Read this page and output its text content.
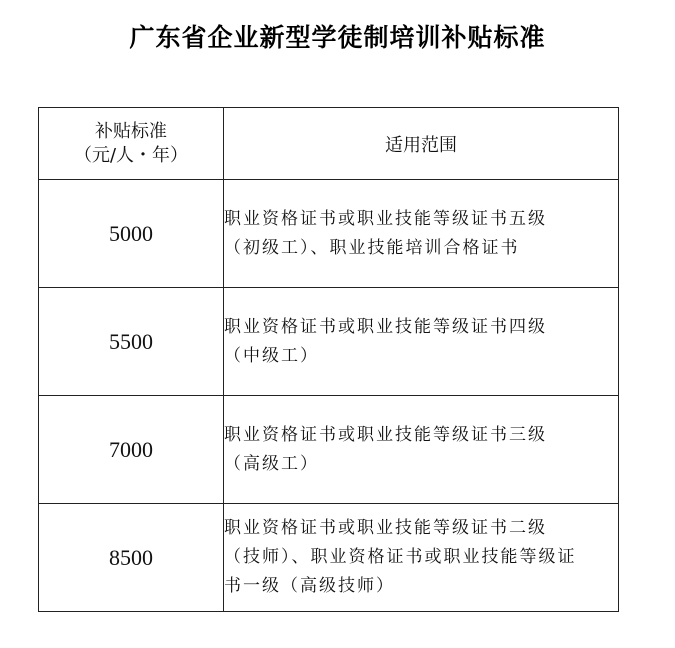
广东省企业新型学徒制培训补贴标准
补贴标准
（元/人・年）	适用范围
5000	职业资格证书或职业技能等级证书五级
（初级工）、职业技能培训合格证书

5500	职业资格证书或职业技能等级证书四级
（中级工）

7000	职业资格证书或职业技能等级证书三级
（高级工）

8500	职业资格证书或职业技能等级证书二级
（技师）、职业资格证书或职业技能等级证
书一级（高级技师）
